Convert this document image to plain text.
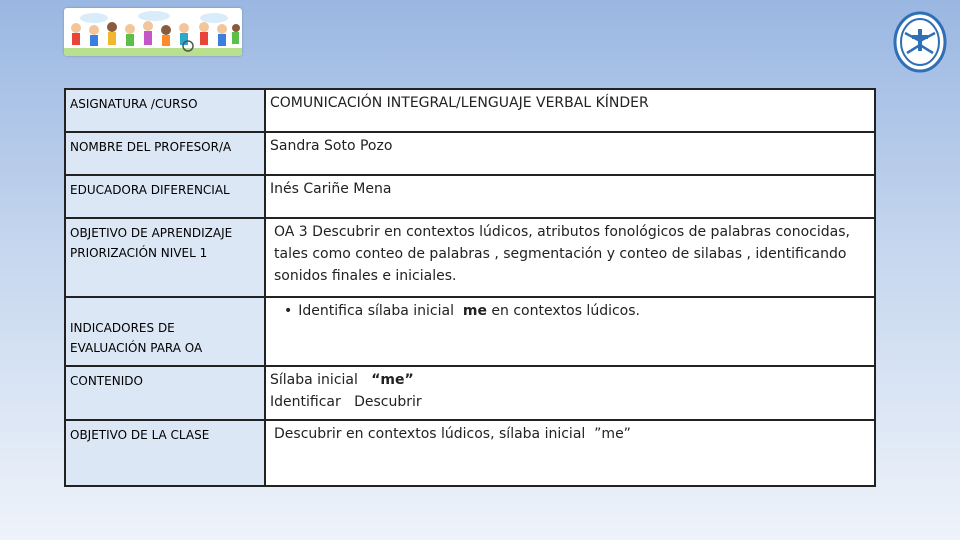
ASIGNATURA /CURSO	COMUNICACIÓN INTEGRAL/LENGUAJE VERBAL KÍNDER
NOMBRE DEL PROFESOR/A	Sandra Soto Pozo
EDUCADORA DIFERENCIAL	Inés Cariñe Mena

OBJETIVO DE APRENDIZAJE
PRIORIZACIÓN NIVEL 1	OA 3 Descubrir en contextos lúdicos, atributos fonológicos de palabras conocidas, tales como conteo de palabras , segmentación y conteo de silabas , identificando sonidos finales e iniciales.

INDICADORES DE
EVALUACIÓN PARA OA	• Identifica sílaba inicial me en contextos lúdicos.

CONTENIDO	Sílaba inicial “me”
Identificar   Descubrir

OBJETIVO DE LA CLASE	Descubrir en contextos lúdicos, sílaba inicial  ”me”
